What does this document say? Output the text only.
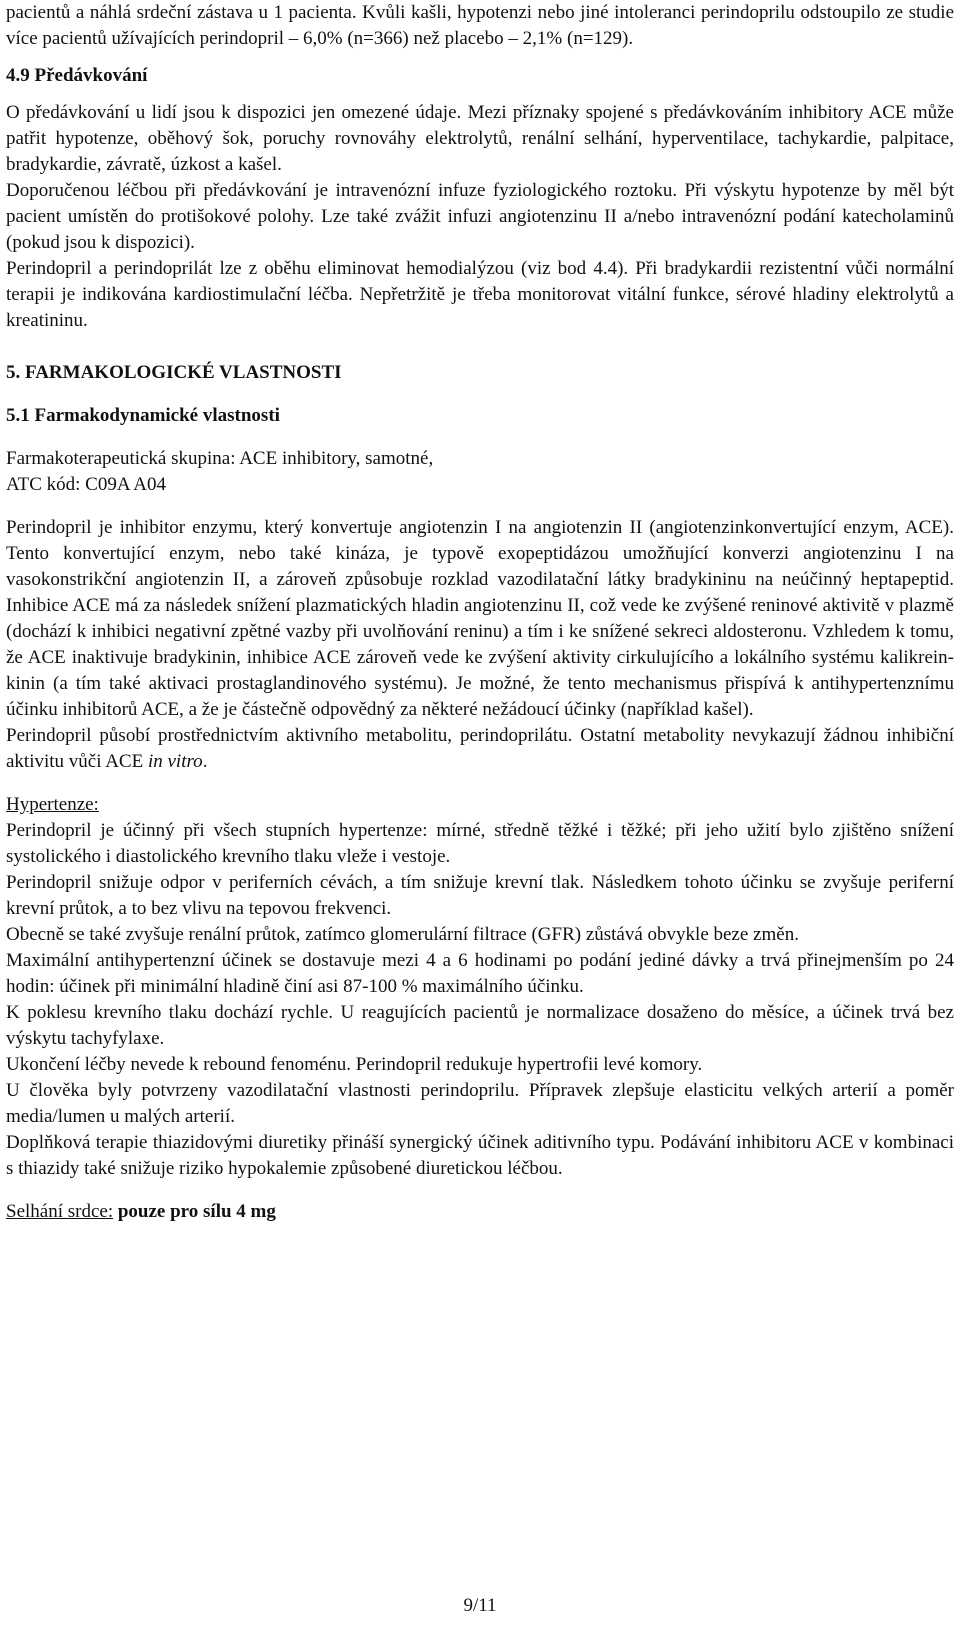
pacientů a náhlá srdeční zástava u 1 pacienta. Kvůli kašli, hypotenzi nebo jiné intoleranci perindoprilu odstoupilo ze studie více pacientů užívajících perindopril – 6,0% (n=366) než placebo – 2,1% (n=129).

4.9 Předávkování

O předávkování u lidí jsou k dispozici jen omezené údaje. Mezi příznaky spojené s předávkováním inhibitory ACE může patřit hypotenze, oběhový šok, poruchy rovnováhy elektrolytů, renální selhání, hyperventilace, tachykardie, palpitace, bradykardie, závratě, úzkost a kašel.

Doporučenou léčbou při předávkování je intravenózní infuze fyziologického roztoku. Při výskytu hypotenze by měl být pacient umístěn do protišokové polohy. Lze také zvážit infuzi angiotenzinu II a/nebo intravenózní podání katecholaminů (pokud jsou k dispozici).

Perindopril a perindoprilát lze z oběhu eliminovat hemodialýzou (viz bod 4.4). Při bradykardii rezistentní vůči normální terapii je indikována kardiostimulační léčba. Nepřetržitě je třeba monitorovat vitální funkce, sérové hladiny elektrolytů a kreatininu.

5. FARMAKOLOGICKÉ VLASTNOSTI
5.1 Farmakodynamické vlastnosti

Farmakoterapeutická skupina: ACE inhibitory, samotné,

ATC kód: C09A A04

Perindopril je inhibitor enzymu, který konvertuje angiotenzin I na angiotenzin II (angiotenzinkonvertující enzym, ACE). Tento konvertující enzym, nebo také kináza, je typově exopeptidázou umožňující konverzi angiotenzinu I na vasokonstrikční angiotenzin II, a zároveň způsobuje rozklad vazodilatační látky bradykininu na neúčinný heptapeptid. Inhibice ACE má za následek snížení plazmatických hladin angiotenzinu II, což vede ke zvýšené reninové aktivitě v plazmě (dochází k inhibici negativní zpětné vazby při uvolňování reninu) a tím i ke snížené sekreci aldosteronu. Vzhledem k tomu, že ACE inaktivuje bradykinin, inhibice ACE zároveň vede ke zvýšení aktivity cirkulujícího a lokálního systému kalikrein-kinin (a tím také aktivaci prostaglandinového systému). Je možné, že tento mechanismus přispívá k antihypertenznímu účinku inhibitorů ACE, a že je částečně odpovědný za některé nežádoucí účinky (například kašel).

Perindopril působí prostřednictvím aktivního metabolitu, perindoprilátu. Ostatní metabolity nevykazují žádnou inhibiční aktivitu vůči ACE in vitro.

Hypertenze:

Perindopril je účinný při všech stupních hypertenze: mírné, středně těžké i těžké; při jeho užití bylo zjištěno snížení systolického i diastolického krevního tlaku vleže i vestoje.

Perindopril snižuje odpor v periferních cévách, a tím snižuje krevní tlak. Následkem tohoto účinku se zvyšuje periferní krevní průtok, a to bez vlivu na tepovou frekvenci.

Obecně se také zvyšuje renální průtok, zatímco glomerulární filtrace (GFR) zůstává obvykle beze změn.

Maximální antihypertenzní účinek se dostavuje mezi 4 a 6 hodinami po podání jediné dávky a trvá přinejmenším po 24 hodin: účinek při minimální hladině činí asi 87-100 % maximálního účinku.

K poklesu krevního tlaku dochází rychle. U reagujících pacientů je normalizace dosaženo do měsíce, a účinek trvá bez výskytu tachyfylaxe.

Ukončení léčby nevede k rebound fenoménu. Perindopril redukuje hypertrofii levé komory.

U člověka byly potvrzeny vazodilatační vlastnosti perindoprilu. Přípravek zlepšuje elasticitu velkých arterií a poměr media/lumen u malých arterií.

Doplňková terapie thiazidovými diuretiky přináší synergický účinek aditivního typu. Podávání inhibitoru ACE v kombinaci s thiazidy také snižuje riziko hypokalemie způsobené diuretickou léčbou.

Selhání srdce: pouze pro sílu 4 mg

9/11
